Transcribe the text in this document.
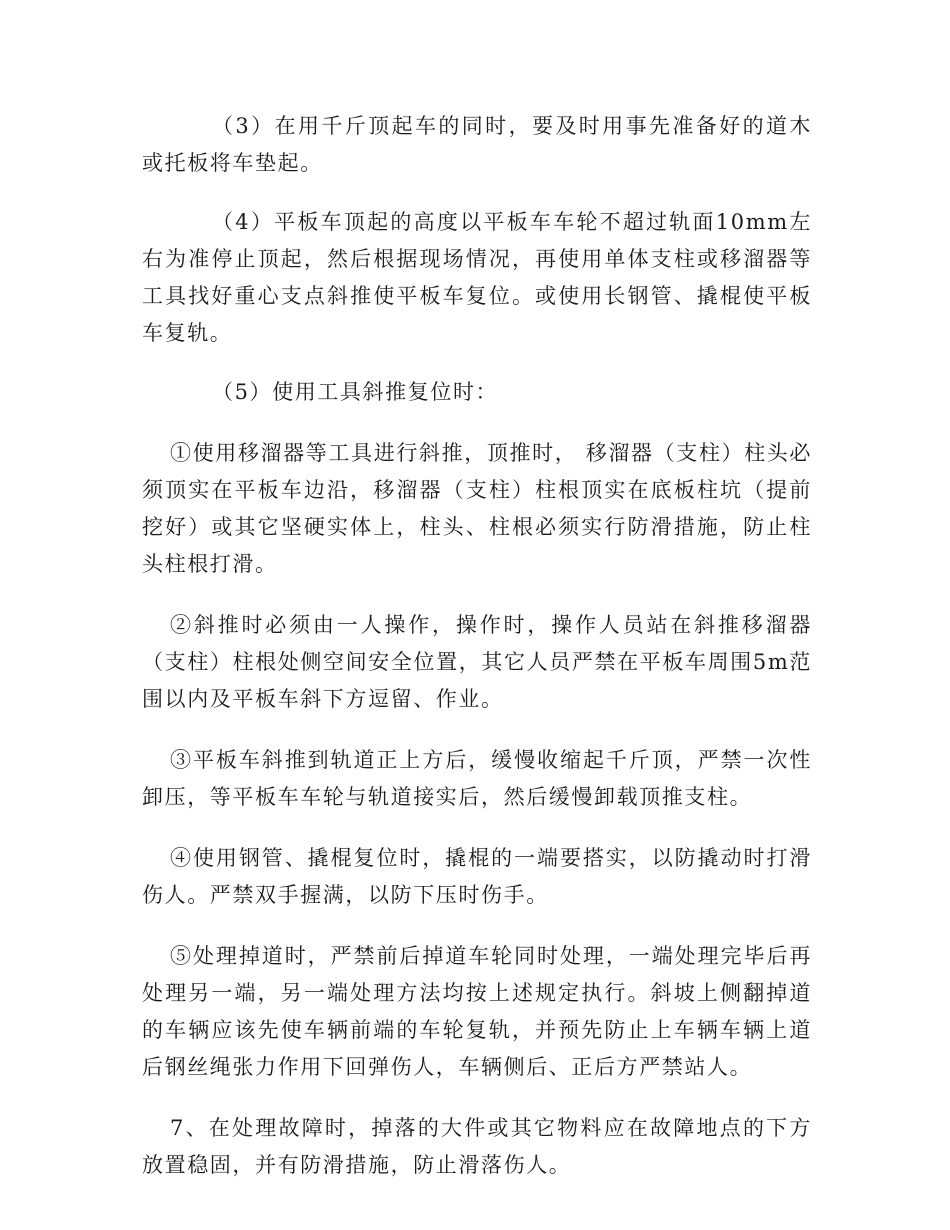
（3）在用千斤顶起车的同时，要及时用事先准备好的道木或托板将车垫起。

（4）平板车顶起的高度以平板车车轮不超过轨面10mm左右为准停止顶起，然后根据现场情况，再使用单体支柱或移溜器等工具找好重心支点斜推使平板车复位。或使用长钢管、撬棍使平板车复轨。

（5）使用工具斜推复位时：

①使用移溜器等工具进行斜推，顶推时， 移溜器（支柱）柱头必须顶实在平板车边沿，移溜器（支柱）柱根顶实在底板柱坑（提前挖好）或其它坚硬实体上，柱头、柱根必须实行防滑措施，防止柱头柱根打滑。

②斜推时必须由一人操作，操作时，操作人员站在斜推移溜器（支柱）柱根处侧空间安全位置，其它人员严禁在平板车周围5m范围以内及平板车斜下方逗留、作业。

③平板车斜推到轨道正上方后，缓慢收缩起千斤顶，严禁一次性卸压，等平板车车轮与轨道接实后，然后缓慢卸载顶推支柱。

④使用钢管、撬棍复位时，撬棍的一端要搭实，以防撬动时打滑伤人。严禁双手握满，以防下压时伤手。

⑤处理掉道时，严禁前后掉道车轮同时处理，一端处理完毕后再处理另一端，另一端处理方法均按上述规定执行。斜坡上侧翻掉道的车辆应该先使车辆前端的车轮复轨，并预先防止上车辆车辆上道后钢丝绳张力作用下回弹伤人，车辆侧后、正后方严禁站人。

7、在处理故障时，掉落的大件或其它物料应在故障地点的下方放置稳固，并有防滑措施，防止滑落伤人。
